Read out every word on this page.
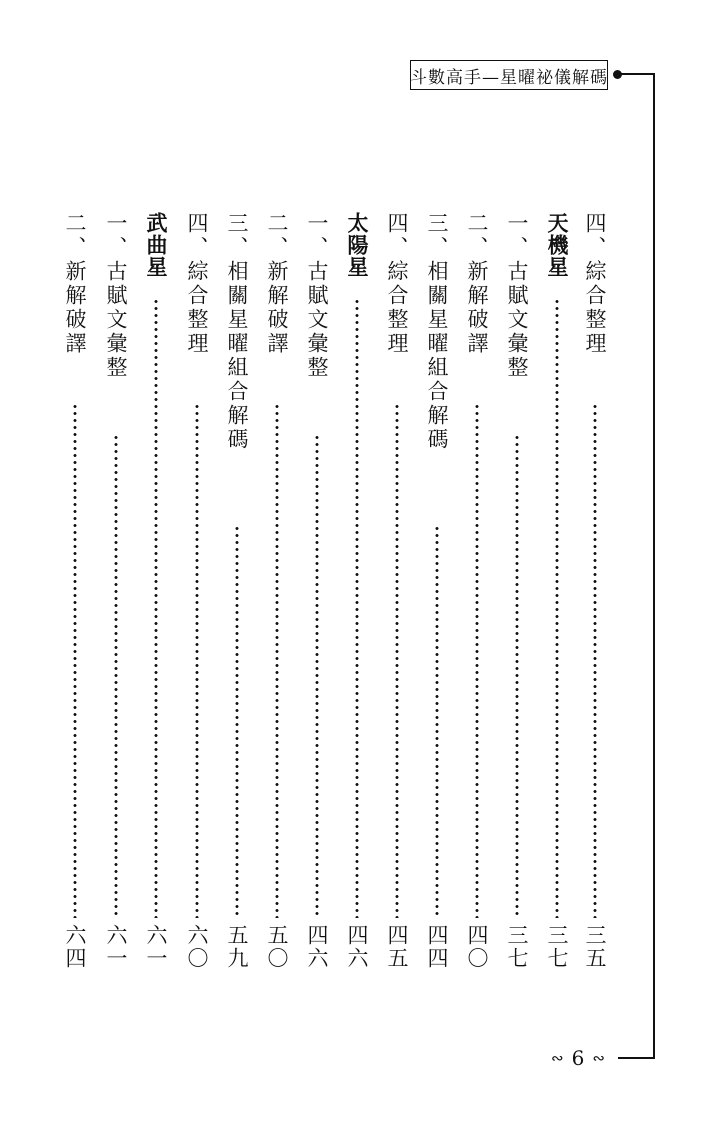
斗數高手—星曜祕儀解碼
四、綜合整理
三五
天機星
三七
一、古賦文彙整
三七
二、新解破譯
四〇
三、相關星曜組合解碼
四四
四、綜合整理
四五
太陽星
四六
一、古賦文彙整
四六
二、新解破譯
五〇
三、相關星曜組合解碼
五九
四、綜合整理
六〇
武曲星
六一
一、古賦文彙整
六一
二、新解破譯
六四
∾ 6 ∾
